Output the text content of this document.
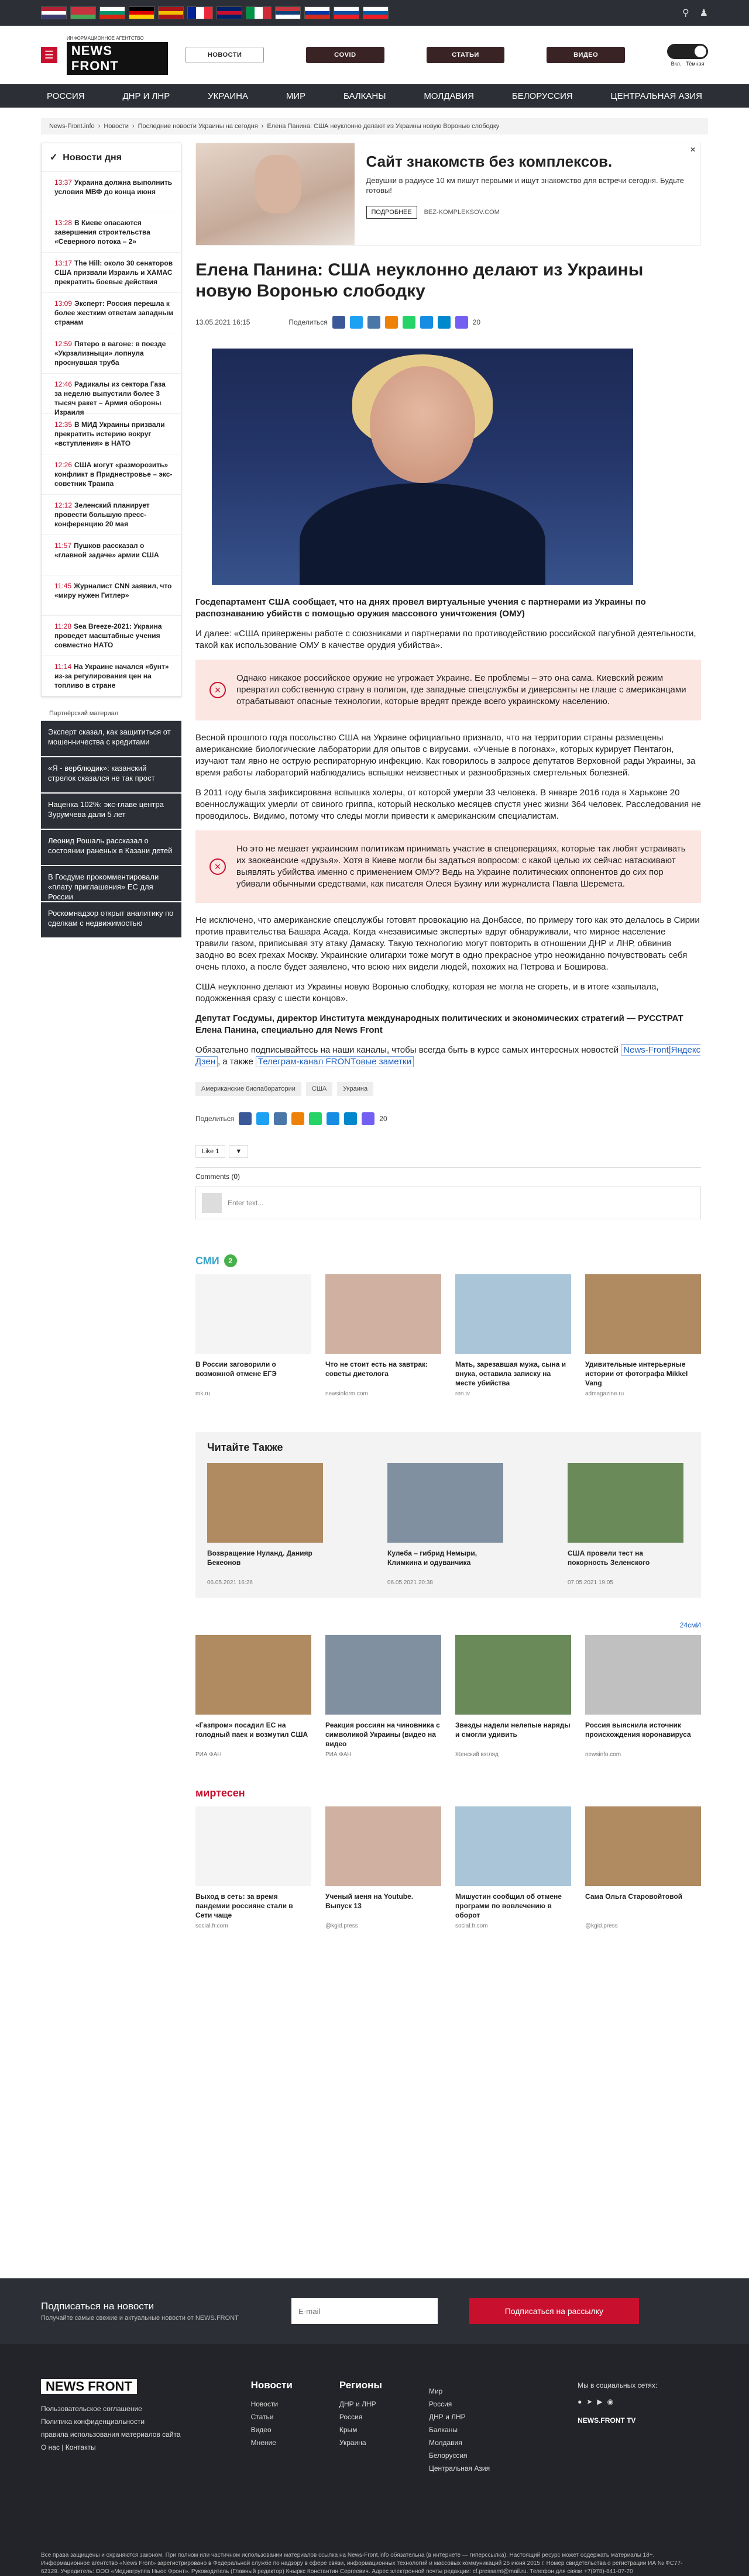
⚲ ♟
☰
ИНФОРМАЦИОННОЕ АГЕНТСТВО
NEWS FRONT
НОВОСТИ	COVID	СТАТЬИ	ВИДЕО
Вкл. Тёмная
РОССИЯ	ДНР И ЛНР	УКРАИНА	МИР	БАЛКАНЫ	МОЛДАВИЯ	БЕЛОРУССИЯ	ЦЕНТРАЛЬНАЯ АЗИЯ
News-Front.info › Новости › Последние новости Украины на сегодня › Елена Панина: США неуклонно делают из Украины новую Воронью слободку
✓ Новости дня
13:37 Украина должна выполнить условия МВФ до конца июня
13:28 В Киеве опасаются завершения строительства «Северного потока – 2»
13:17 The Hill: около 30 сенаторов США призвали Израиль и ХАМАС прекратить боевые действия
13:09 Эксперт: Россия перешла к более жестким ответам западным странам
12:59 Пятеро в вагоне: в поезде «Укрзализныци» лопнула проснувшая труба
12:46 Радикалы из сектора Газа за неделю выпустили более 3 тысяч ракет – Армия обороны Израиля
12:35 В МИД Украины призвали прекратить истерию вокруг «вступления» в НАТО
12:26 США могут «разморозить» конфликт в Приднестровье – экс-советник Трампа
12:12 Зеленский планирует провести большую пресс-конференцию 20 мая
11:57 Пушков рассказал о «главной задаче» армии США
11:45 Журналист CNN заявил, что «миру нужен Гитлер»
11:28 Sea Breeze-2021: Украина проведет масштабные учения совместно НАТО
11:14 На Украине начался «бунт» из-за регулирования цен на топливо в стране
Партнёрский материал
Эксперт сказал, как защититься от мошенничества с кредитами
«Я - верблюдик»: казанский стрелок сказался не так прост
Наценка 102%: экс-главе центра Зурумчева дали 5 лет
Леонид Рошаль рассказал о состоянии раненых в Казани детей
В Госдуме прокомментировали «плату приглашения» ЕС для России
Роскомнадзор открыт аналитику по сделкам с недвижимостью
Сайт знакомств без комплексов.

Девушки в радиусе 10 км пишут первыми и ищут знакомство для встречи сегодня. Будьте готовы!

ПОДРОБНЕЕ BEZ-KOMPLEKSOV.COM
✕
Елена Панина: США неуклонно делают из Украины новую Воронью слободку
13.05.2021 16:15	Поделиться	20
Госдепартамент США сообщает, что на днях провел виртуальные учения с партнерами из Украины по распознаванию убийств с помощью оружия массового уничтожения (ОМУ)
И далее: «США привержены работе с союзниками и партнерами по противодействию российской пагубной деятельности, такой как использование ОМУ в качестве орудия убийства».
×
Однако никакое российское оружие не угрожает Украине. Ее проблемы – это она сама. Киевский режим превратил собственную страну в полигон, где западные спецслужбы и диверсанты не глаше с американцами отрабатывают опасные технологии, которые вредят прежде всего украинскому населению.
Весной прошлого года посольство США на Украине официально признало, что на территории страны размещены американские биологические лаборатории для опытов с вирусами. «Ученые в погонах», которых курирует Пентагон, изучают там явно не острую респираторную инфекцию. Как говорилось в запросе депутатов Верховной рады Украины, за время работы лабораторий наблюдались вспышки неизвестных и разнообразных смертельных болезней.
В 2011 году была зафиксирована вспышка холеры, от которой умерли 33 человека. В январе 2016 года в Харькове 20 военнослужащих умерли от свиного гриппа, который несколько месяцев спустя унес жизни 364 человек. Расследования не проводилось. Видимо, потому что следы могли привести к американским специалистам.
×
Но это не мешает украинским политикам принимать участие в спецоперациях, которые так любят устраивать их заокеанские «друзья». Хотя в Киеве могли бы задаться вопросом: с какой целью их сейчас натаскивают выявлять убийства именно с применением ОМУ? Ведь на Украине политических оппонентов до сих пор убивали обычными средствами, как писателя Олеся Бузину или журналиста Павла Шеремета.
Не исключено, что американские спецслужбы готовят провокацию на Донбассе, по примеру того как это делалось в Сирии против правительства Башара Асада. Когда «независимые эксперты» вдруг обнаруживали, что мирное население травили газом, приписывая эту атаку Дамаску. Такую технологию могут повторить в отношении ДНР и ЛНР, обвинив заодно во всех грехах Москву. Украинские олигархи тоже могут в одно прекрасное утро неожиданно почувствовать себя очень плохо, а после будет заявлено, что всюю них видели людей, похожих на Петрова и Боширова.
США неуклонно делают из Украины новую Воронью слободку, которая не могла не сгореть, и в итоге «запылала, подожженная сразу с шести концов».
Депутат Госдумы, директор Института международных политических и экономических стратегий — РУССТРАТ Елена Панина, специально для News Front
Обязательно подписывайтесь на наши каналы, чтобы всегда быть в курсе самых интересных новостей News-Front|Яндекс Дзен , а также Телеграм-канал FRONTовые заметки
Американские биолаборатории	США	Украина
Поделиться	20
Like 1	▼
Comments (0)
Enter text...
СМИ	2
В России заговорили о возможной отмене ЕГЭ
mk.ru
Что не стоит есть на завтрак: советы диетолога
newsinform.com
Мать, зарезавшая мужа, сына и внука, оставила записку на месте убийства
ren.tv
Удивительные интерьерные истории от фотографа Mikkel Vang
admagazine.ru
Читайте Также
Возвращение Нуланд. Данияр Бекеонов
06.05.2021 16:26
Кулеба – гибрид Немыри, Климкина и одуванчика
06.05.2021 20:38
США провели тест на покорность Зеленского
07.05.2021 19:05
24смИ
«Газпром» посадил ЕС на голодный паек и возмутил США
РИА ФАН
Реакция россиян на чиновника с символикой Украины (видео на видео
РИА ФАН
Звезды надели нелепые наряды и смогли удивить
Женский взгляд
Россия выяснила источник происхождения коронавируса
newsinfo.com
миртесен
Выход в сеть: за время пандемии россияне стали в Сети чаще
social.fr.com
Ученый меня на Youtube. Выпуск 13
@kgid.press
Мишустин сообщил об отмене программ по вовлечению в оборот
social.fr.com
Сама Ольга Старовойтовой
@kgid.press
Подписаться на новости
Получайте самые свежие и актуальные новости от NEWS.FRONT
E-mail
Подписаться на рассылку
NEWS FRONT
Пользовательское соглашение
Политика конфиденциальности
правила использования материалов сайта
О нас | Контакты
Новости
Новости
Статьи
Видео
Мнение
Регионы
ДНР и ЛНР
Россия
Крым
Украина
Мир
Россия
ДНР и ЛНР
Балканы
Молдавия
Белоруссия
Центральная Азия
Мы в социальных сетях:
● ➤ ▶ ◉
NEWS.FRONT TV
Все права защищены и охраняются законом. При полном или частичном использовании материалов ссылка на News-Front.info обязательна (в интернете — гиперссылка). Настоящий ресурс может содержать материалы 18+. Информационное агентство «News Front» зарегистрировано в Федеральной службе по надзору в сфере связи, информационных технологий и массовых коммуникаций 26 июня 2015 г. Номер свидетельства о регистрации ИА № ФС77-62129. Учредитель: ООО «Медиагруппа Ньюс Фронт». Руководитель (Главный редактор) Кныркс Константин Сергеевич. Адрес электронной почты редакции: cf.pressamt@mail.ru. Телефон для связи +7(978)-841-07-70
